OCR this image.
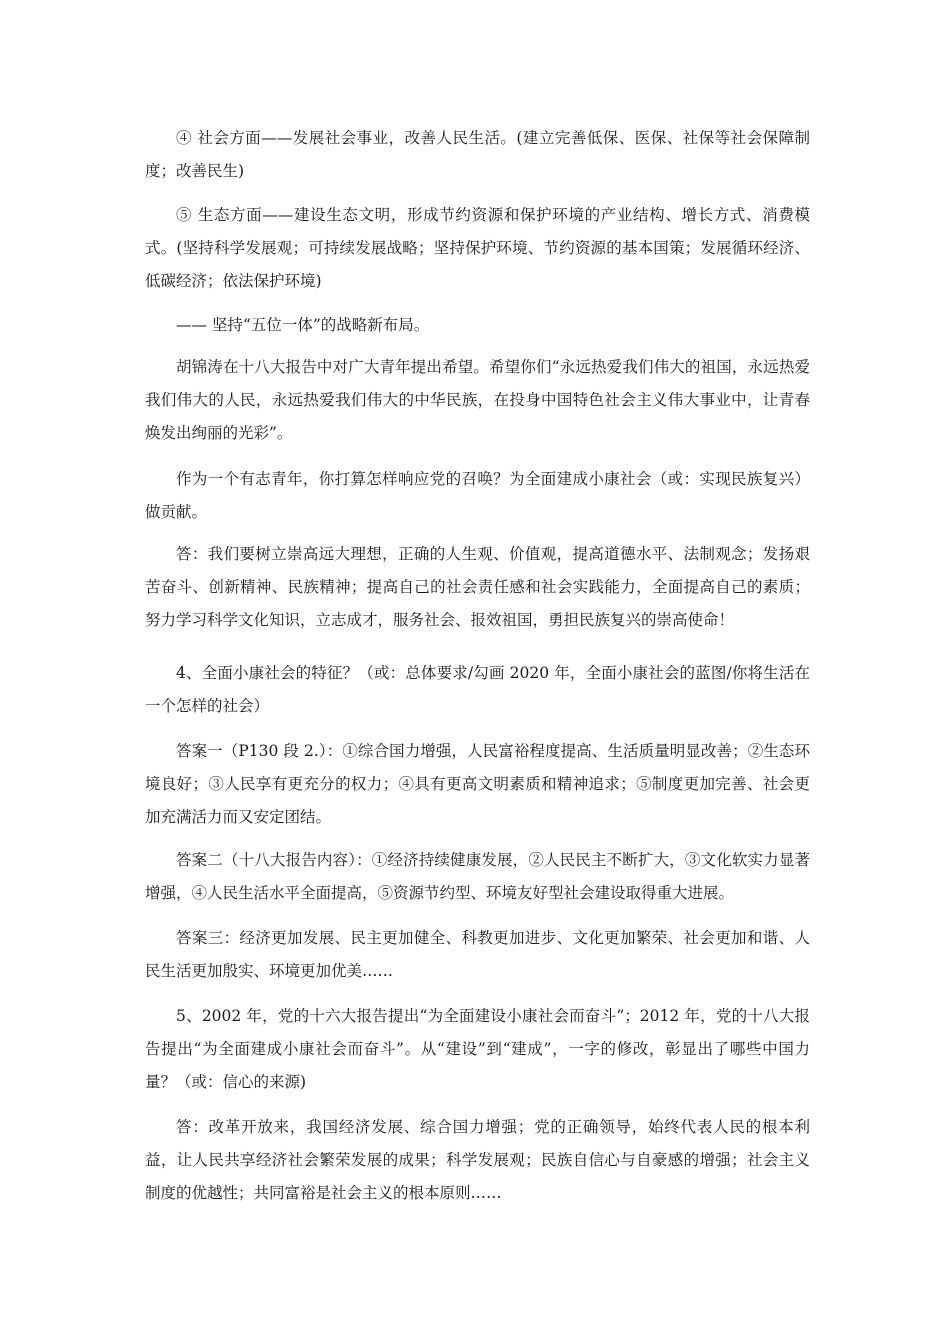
④ 社会方面——发展社会事业，改善人民生活。(建立完善低保、医保、社保等社会保障制度；改善民生)

⑤ 生态方面——建设生态文明，形成节约资源和保护环境的产业结构、增长方式、消费模式。(坚持科学发展观；可持续发展战略；坚持保护环境、节约资源的基本国策；发展循环经济、低碳经济；依法保护环境)

—— 坚持“五位一体”的战略新布局。

胡锦涛在十八大报告中对广大青年提出希望。希望你们“永远热爱我们伟大的祖国，永远热爱我们伟大的人民，永远热爱我们伟大的中华民族，在投身中国特色社会主义伟大事业中，让青春焕发出绚丽的光彩”。

作为一个有志青年，你打算怎样响应党的召唤？为全面建成小康社会（或：实现民族复兴）做贡献。

答：我们要树立崇高远大理想，正确的人生观、价值观，提高道德水平、法制观念；发扬艰苦奋斗、创新精神、民族精神；提高自己的社会责任感和社会实践能力，全面提高自己的素质；努力学习科学文化知识，立志成才，服务社会、报效祖国，勇担民族复兴的崇高使命！

4、全面小康社会的特征？（或：总体要求/勾画 2020 年，全面小康社会的蓝图/你将生活在一个怎样的社会）

答案一（P130 段 2.）：①综合国力增强，人民富裕程度提高、生活质量明显改善；②生态环境良好；③人民享有更充分的权力；④具有更高文明素质和精神追求；⑤制度更加完善、社会更加充满活力而又安定团结。

答案二（十八大报告内容）：①经济持续健康发展，②人民民主不断扩大，③文化软实力显著增强，④人民生活水平全面提高，⑤资源节约型、环境友好型社会建设取得重大进展。

答案三：经济更加发展、民主更加健全、科教更加进步、文化更加繁荣、社会更加和谐、人民生活更加殷实、环境更加优美……

5、2002 年，党的十六大报告提出“为全面建设小康社会而奋斗”；2012 年，党的十八大报告提出“为全面建成小康社会而奋斗”。从“建设”到“建成”，一字的修改，彰显出了哪些中国力量？（或：信心的来源)

答：改革开放来，我国经济发展、综合国力增强；党的正确领导，始终代表人民的根本利益，让人民共享经济社会繁荣发展的成果；科学发展观；民族自信心与自豪感的增强；社会主义制度的优越性；共同富裕是社会主义的根本原则……
